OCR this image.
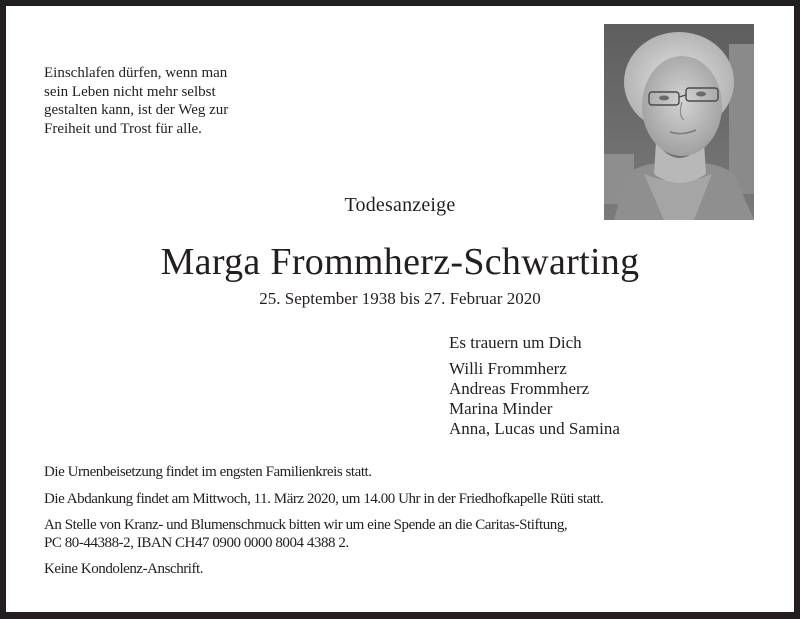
Einschlafen dürfen, wenn man
sein Leben nicht mehr selbst
gestalten kann, ist der Weg zur
Freiheit und Trost für alle.
Todesanzeige
Marga Frommherz-Schwarting
25. September 1938 bis 27. Februar 2020
Es trauern um Dich
Willi Frommherz
Andreas Frommherz
Marina Minder
Anna, Lucas und Samina

Die Urnenbeisetzung findet im engsten Familienkreis statt.

Die Abdankung findet am Mittwoch, 11. März 2020, um 14.00 Uhr in der Friedhofkapelle Rüti statt.

An Stelle von Kranz- und Blumenschmuck bitten wir um eine Spende an die Caritas-Stiftung,
PC 80-44388-2, IBAN CH47 0900 0000 8004 4388 2.

Keine Kondolenz-Anschrift.
